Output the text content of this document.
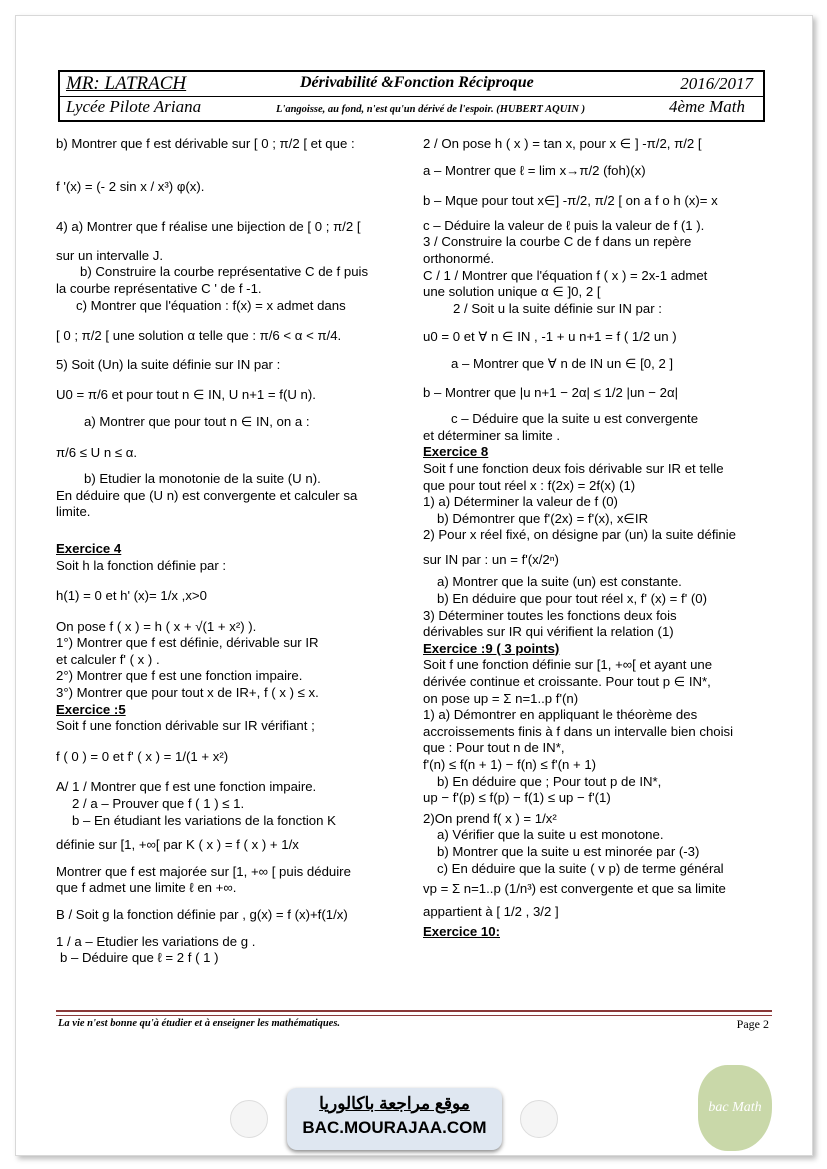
MR: LATRACH	Dérivabilité &Fonction Réciproque	2016/2017
Lycée Pilote Ariana	L'angoisse, au fond, n'est qu'un dérivé de l'espoir. (HUBERT AQUIN )	4ème Math

b) Montrer que f est dérivable sur [ 0 ; π/2 [ et que :

f '(x) = (- 2 sin x / x³) φ(x).

4) a) Montrer que f réalise une bijection de [ 0 ; π/2 [

sur un intervalle J.

b) Construire la courbe représentative C de f puis

la courbe représentative C ' de f -1.

c) Montrer que l'équation : f(x) = x admet dans

[ 0 ; π/2 [ une solution α telle que : π/6 < α < π/4.

5) Soit (Un) la suite définie sur IN par :

U0 = π/6 et pour tout n ∈ IN, U n+1 = f(U n).

a) Montrer que pour tout n ∈ IN, on a :

π/6 ≤ U n ≤ α.

b) Etudier la monotonie de la suite (U n).

En déduire que (U n) est convergente et calculer sa

limite.

Exercice 4

Soit h la fonction définie par :

h(1) = 0 et h' (x)= 1/x ,x>0

On pose f ( x ) = h ( x + √(1 + x²) ).

1°) Montrer que f est définie, dérivable sur IR

et calculer f' ( x ) .

2°) Montrer que f est une fonction impaire.

3°) Montrer que pour tout x de IR+, f ( x ) ≤ x.

Exercice :5

Soit f une fonction dérivable sur IR vérifiant ;

f ( 0 ) = 0 et f' ( x ) = 1/(1 + x²)

A/ 1 / Montrer que f est une fonction impaire.

2 / a – Prouver que f ( 1 ) ≤ 1.

b – En étudiant les variations de la fonction K

définie sur [1, +∞[ par K ( x ) = f ( x ) + 1/x

Montrer que f est majorée sur [1, +∞ [ puis déduire

que f admet une limite ℓ en +∞.

B / Soit g la fonction définie par , g(x) = f (x)+f(1/x)

1 / a – Etudier les variations de g .

b – Déduire que ℓ = 2 f ( 1 )

2 / On pose h ( x ) = tan x, pour x ∈ ] -π/2, π/2 [

a – Montrer que ℓ = lim x→π/2 (foh)(x)

b – Mque pour tout x∈] -π/2, π/2 [ on a f o h (x)= x

c – Déduire la valeur de ℓ puis la valeur de f (1 ).

3 / Construire la courbe C de f dans un repère

orthonormé.

C / 1 / Montrer que l'équation f ( x ) = 2x-1 admet

une solution unique α ∈ ]0, 2 [

2 / Soit u la suite définie sur IN par :

u0 = 0 et ∀ n ∈ IN , -1 + u n+1 = f ( 1/2 un )

a – Montrer que ∀ n de IN un ∈ [0, 2 ]

b – Montrer que |u n+1 − 2α| ≤ 1/2 |un − 2α|

c – Déduire que la suite u est convergente

et déterminer sa limite .

Exercice 8

Soit f une fonction deux fois dérivable sur IR et telle

que pour tout réel x : f(2x) = 2f(x) (1)

1) a) Déterminer la valeur de f (0)

b) Démontrer que f'(2x) = f'(x), x∈IR

2) Pour x réel fixé, on désigne par (un) la suite définie

sur IN par : un = f'(x/2ⁿ)

a) Montrer que la suite (un) est constante.

b) En déduire que pour tout réel x, f' (x) = f' (0)

3) Déterminer toutes les fonctions deux fois

dérivables sur IR qui vérifient la relation (1)

Exercice :9 ( 3 points)

Soit f une fonction définie sur [1, +∞[ et ayant une

dérivée continue et croissante. Pour tout p ∈ IN*,

on pose up = Σ n=1..p f'(n)

1) a) Démontrer en appliquant le théorème des

accroissements finis à f dans un intervalle bien choisi

que : Pour tout n de IN*,

f'(n) ≤ f(n + 1) − f(n) ≤ f'(n + 1)

b) En déduire que ; Pour tout p de IN*,

up − f'(p) ≤ f(p) − f(1) ≤ up − f'(1)

2)On prend f( x ) = 1/x²

a) Vérifier que la suite u est monotone.

b) Montrer que la suite u est minorée par (-3)

c) En déduire que la suite ( v p) de terme général

vp = Σ n=1..p (1/n³) est convergente et que sa limite

appartient à [ 1/2 , 3/2 ]

Exercice 10:

La vie n'est bonne qu'à étudier et à enseigner les mathématiques.	Page 2
موقع مراجعة باكالوريا
BAC.MOURAJAA.COM
bac Math
